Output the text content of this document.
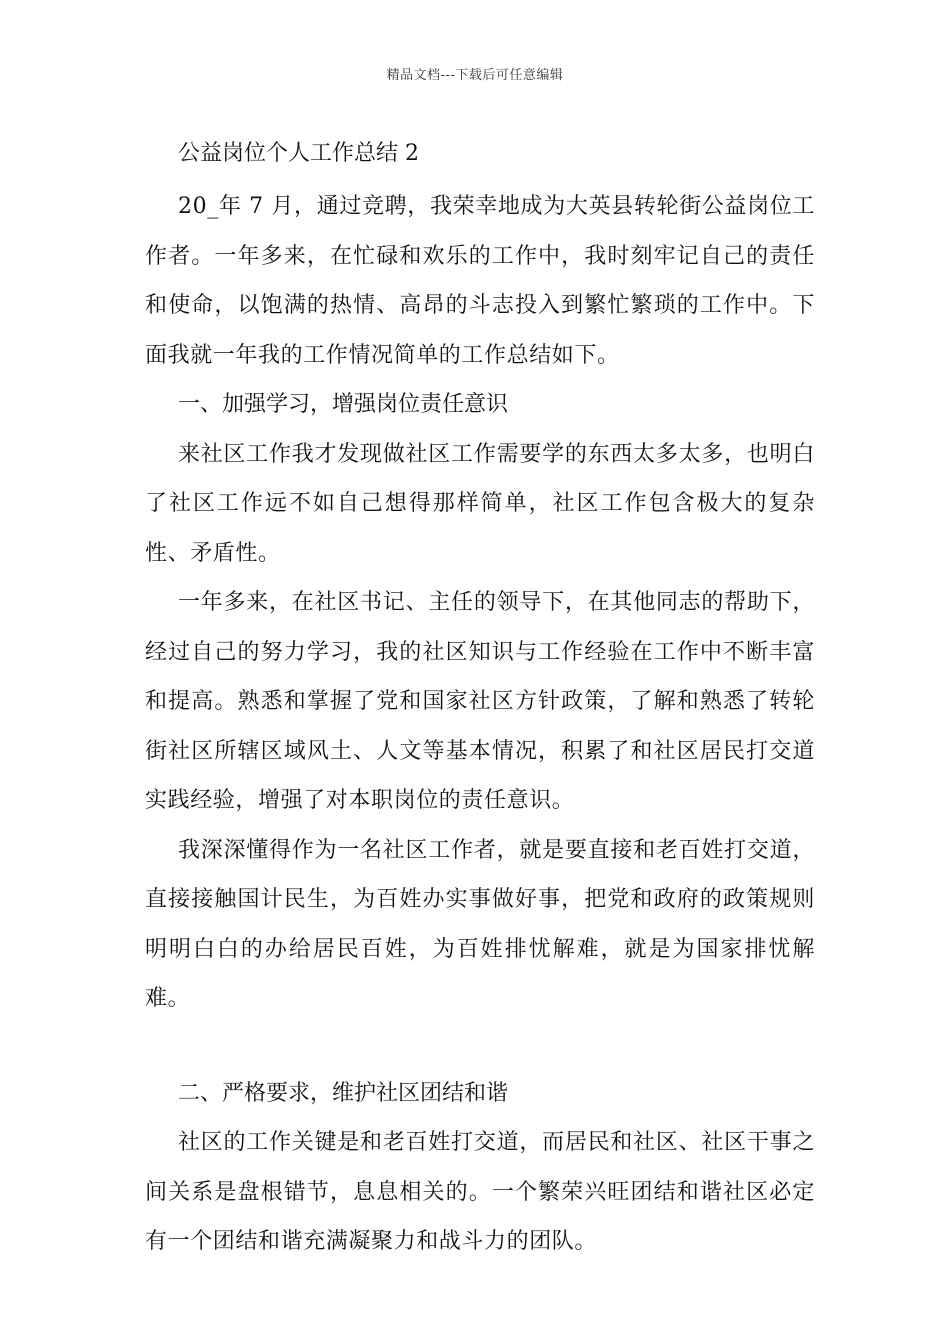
精品文档---下载后可任意编辑

公益岗位个人工作总结 2

20_年 7 月，通过竞聘，我荣幸地成为大英县转轮街公益岗位工作者。一年多来，在忙碌和欢乐的工作中，我时刻牢记自己的责任和使命，以饱满的热情、高昂的斗志投入到繁忙繁琐的工作中。下面我就一年我的工作情况简单的工作总结如下。

一、加强学习，增强岗位责任意识

来社区工作我才发现做社区工作需要学的东西太多太多，也明白了社区工作远不如自己想得那样简单，社区工作包含极大的复杂性、矛盾性。

一年多来，在社区书记、主任的领导下，在其他同志的帮助下，经过自己的努力学习，我的社区知识与工作经验在工作中不断丰富和提高。熟悉和掌握了党和国家社区方针政策，了解和熟悉了转轮街社区所辖区域风土、人文等基本情况，积累了和社区居民打交道实践经验，增强了对本职岗位的责任意识。

我深深懂得作为一名社区工作者，就是要直接和老百姓打交道，直接接触国计民生，为百姓办实事做好事，把党和政府的政策规则明明白白的办给居民百姓，为百姓排忧解难，就是为国家排忧解难。

二、严格要求，维护社区团结和谐

社区的工作关键是和老百姓打交道，而居民和社区、社区干事之间关系是盘根错节，息息相关的。一个繁荣兴旺团结和谐社区必定有一个团结和谐充满凝聚力和战斗力的团队。
